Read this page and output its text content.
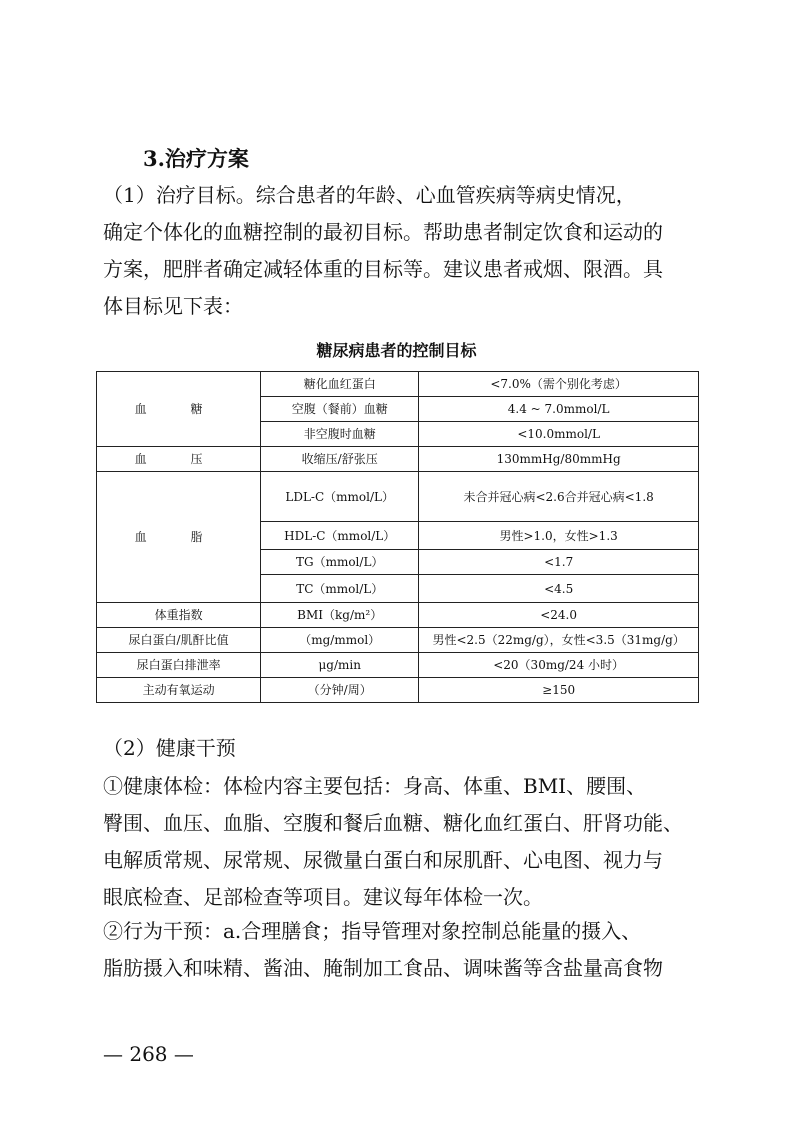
3.治疗方案
（1）治疗目标。综合患者的年龄、心血管疾病等病史情况，
确定个体化的血糖控制的最初目标。帮助患者制定饮食和运动的
方案，肥胖者确定减轻体重的目标等。建议患者戒烟、限酒。具
体目标见下表：
糖尿病患者的控制目标
血 糖	糖化血红蛋白	<7.0%（需个别化考虑）
	空腹（餐前）血糖	4.4 ~ 7.0mmol/L
	非空腹时血糖	<10.0mmol/L
血 压	收缩压/舒张压	130mmHg/80mmHg
血 脂	LDL-C（mmol/L）	未合并冠心病<2.6合并冠心病<1.8
	HDL-C（mmol/L）	男性>1.0，女性>1.3
	TG（mmol/L）	<1.7
	TC（mmol/L）	<4.5
体重指数	BMI（kg/m²）	<24.0
尿白蛋白/肌酐比值	（mg/mmol）	男性<2.5（22mg/g），女性<3.5（31mg/g）
尿白蛋白排泄率	μg/min	<20（30mg/24 小时）
主动有氧运动	（分钟/周）	≥150
（2）健康干预
①健康体检：体检内容主要包括：身高、体重、BMI、腰围、
臀围、血压、血脂、空腹和餐后血糖、糖化血红蛋白、肝肾功能、
电解质常规、尿常规、尿微量白蛋白和尿肌酐、心电图、视力与
眼底检查、足部检查等项目。建议每年体检一次。
②行为干预：a.合理膳食；指导管理对象控制总能量的摄入、
脂肪摄入和味精、酱油、腌制加工食品、调味酱等含盐量高食物
— 268 —
